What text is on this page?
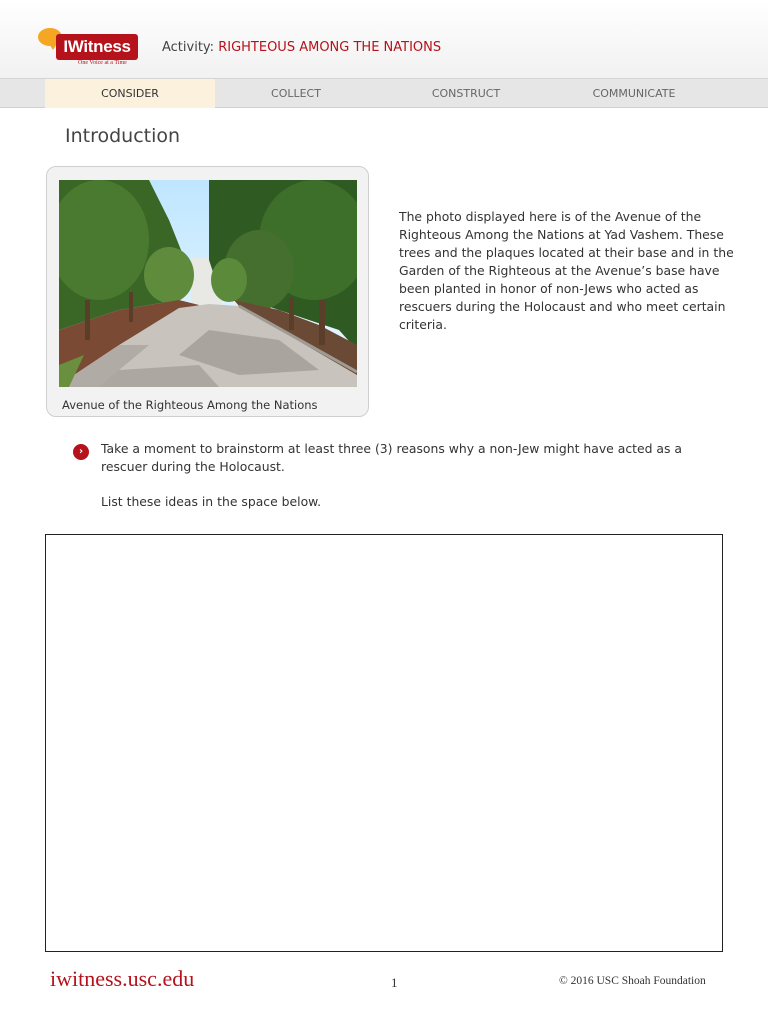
IWitness
One Voice at a Time
Activity: RIGHTEOUS AMONG THE NATIONS
CONSIDER	COLLECT	CONSTRUCT	COMMUNICATE
Introduction
Avenue of the Righteous Among the Nations
The photo displayed here is of the Avenue of the Righteous Among the Nations at Yad Vashem. These trees and the plaques located at their base and in the Garden of the Righteous at the Avenue’s base have been planted in honor of non-Jews who acted as rescuers during the Holocaust and who meet certain criteria.
›	Take a moment to brainstorm at least three (3) reasons why a non-Jew might have acted as a rescuer during the Holocaust.
List these ideas in the space below.
iwitness.usc.edu	1	© 2016 USC Shoah Foundation
